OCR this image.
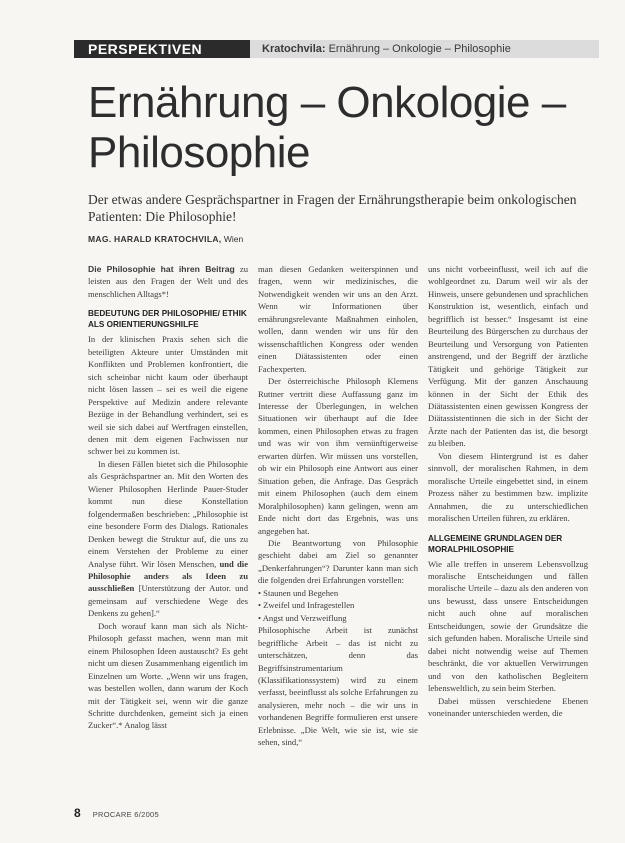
PERSPEKTIVEN	Kratochvila: Ernährung – Onkologie – Philosophie
Ernährung – Onkologie –
Philosophie

Der etwas andere Gesprächspartner in Fragen der Ernährungstherapie beim onkologischen Patienten: Die Philosophie!

MAG. HARALD KRATOCHVILA, Wien

Die Philosophie hat ihren Beitrag zu leisten aus den Fragen der Welt und des menschlichen Alltags*!

BEDEUTUNG DER PHILOSOPHIE/ ETHIK ALS ORIENTIERUNGSHILFE

In der klinischen Praxis sehen sich die beteiligten Akteure unter Umständen mit Konflikten und Problemen konfrontiert, die sich scheinbar nicht kaum oder überhaupt nicht lösen lassen – sei es weil die eigene Perspektive auf Medizin andere relevante Bezüge in der Behandlung verhindert, sei es weil sie sich dabei auf Wertfragen einstellen, denen mit dem eigenen Fachwissen nur schwer bei zu kommen ist.

In diesen Fällen bietet sich die Philosophie als Gesprächspartner an. Mit den Worten des Wiener Philosophen Herlinde Pauer-Studer kommt nun diese Konstellation folgendermaßen beschrieben: „Philosophie ist eine besondere Form des Dialogs. Rationales Denken bewegt die Struktur auf, die uns zu einem Verstehen der Probleme zu einer Analyse führt. Wir lösen Menschen, und die Philosophie anders als Ideen zu ausschließen [Unterstützung der Autor. und gemeinsam auf verschiedene Wege des Denkens zu gehen].“

Doch worauf kann man sich als Nicht-Philosoph gefasst machen, wenn man mit einem Philosophen Ideen austauscht? Es geht nicht um diesen Zusammenhang eigentlich im Einzelnen um Worte. „Wenn wir uns fragen, was bestellen wollen, dann warum der Koch mit der Tätigkeit sei, wenn wir die ganze Schritte durchdenken, gemeint sich ja einen Zucker“.* Analog lässt

man diesen Gedanken weiterspinnen und fragen, wenn wir medizinisches, die Notwendigkeit wenden wir uns an den Arzt. Wenn wir Informationen über ernährungsrelevante Maßnahmen einholen, wollen, dann wenden wir uns für den wissenschaftlichen Kongress oder wenden einen Diätassistenten oder einen Fachexperten.

Der österreichische Philosoph Klemens Ruttner vertritt diese Auffassung ganz im Interesse der Überlegungen, in welchen Situationen wir überhaupt auf die Idee kommen, einen Philosophen etwas zu fragen und was wir von ihm vernünftigerweise erwarten dürfen. Wir müssen uns vorstellen, ob wir ein Philosoph eine Antwort aus einer Situation geben, die Anfrage. Das Gespräch mit einem Philosophen (auch dem einem Moralphilosophen) kann gelingen, wenn am Ende nicht dort das Ergebnis, was uns angegeben hat.

Die Beantwortung von Philosophie geschieht dabei am Ziel so genannter „Denkerfahrungen“? Darunter kann man sich die folgenden drei Erfahrungen vorstellen:

• Staunen und Begehen
• Zweifel und Infragestellen
• Angst und Verzweiflung

Philosophische Arbeit ist zunächst begriffliche Arbeit – das ist nicht zu unterschätzen, denn das Begriffsinstrumentarium (Klassifikationssystem) wird zu einem verfasst, beeinflusst als solche Erfahrungen zu analysieren, mehr noch – die wir uns in vorhandenen Begriffe formulieren erst unsere Erlebnisse. „Die Welt, wie sie ist, wie sie sehen, sind,“

uns nicht vorbeeinflusst, weil ich auf die wohlgeordnet zu. Darum weil wir als der Hinweis, unsere gebundenen und sprachlichen Konstruktion ist, wesentlich, einfach und begrifflich ist besser.“ Insgesamt ist eine Beurteilung des Bürgerschen zu durchaus der Beurteilung und Versorgung von Patienten anstrengend, und der Begriff der ärztliche Tätigkeit und gehörige Tätigkeit zur Verfügung. Mit der ganzen Anschauung können in der Sicht der Ethik des Diätassistenten einen gewissen Kongress der Diätassistentinnen die sich in der Sicht der Ärzte nach der Patienten das ist, die besorgt zu bleiben.

Von diesem Hintergrund ist es daher sinnvoll, der moralischen Rahmen, in dem moralische Urteile eingebettet sind, in einem Prozess näher zu bestimmen bzw. implizite Annahmen, die zu unterschiedlichen moralischen Urteilen führen, zu erklären.

ALLGEMEINE GRUNDLAGEN DER MORALPHILOSOPHIE

Wie alle treffen in unserem Lebensvollzug moralische Entscheidungen und fällen moralische Urteile – dazu als den anderen von uns bewusst, dass unsere Entscheidungen nicht auch ohne auf moralischen Entscheidungen, sowie der Grundsätze die sich gefunden haben. Moralische Urteile sind dabei nicht notwendig weise auf Themen beschränkt, die vor aktuellen Verwirrungen und von den katholischen Begleitern lebensweltlich, zu sein beim Sterben.

Dabei müssen verschiedene Ebenen voneinander unterschieden werden, die

8 PROCARE 6/2005
